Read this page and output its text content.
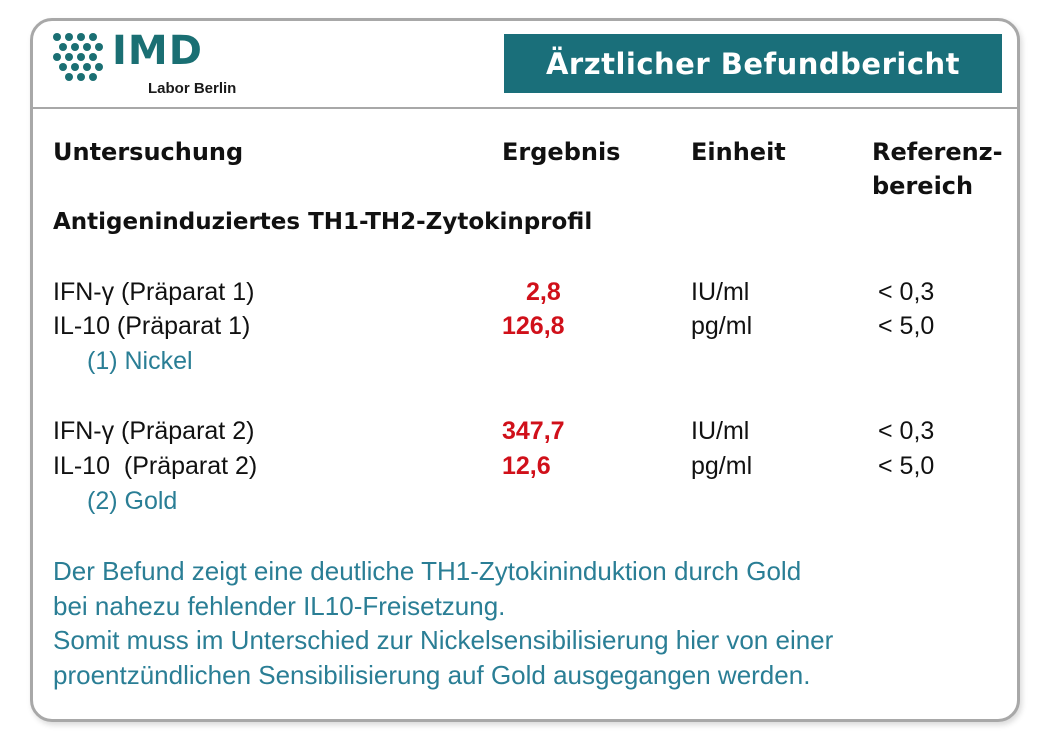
IMD
Labor Berlin
Ärztlicher Befundbericht
Untersuchung	Ergebnis	Einheit	Referenz-
bereich
Antigeninduziertes TH1-TH2-Zytokinprofil
IFN-γ (Präparat 1)	2,8	IU/ml	< 0,3
IL-10 (Präparat 1)	126,8	pg/ml	< 5,0
(1) Nickel
IFN-γ (Präparat 2)	347,7	IU/ml	< 0,3
IL-10  (Präparat 2)	12,6	pg/ml	< 5,0
(2) Gold
Der Befund zeigt eine deutliche TH1-Zytokininduktion durch Gold
bei nahezu fehlender IL10-Freisetzung.
Somit muss im Unterschied zur Nickelsensibilisierung hier von einer
proentzündlichen Sensibilisierung auf Gold ausgegangen werden.
